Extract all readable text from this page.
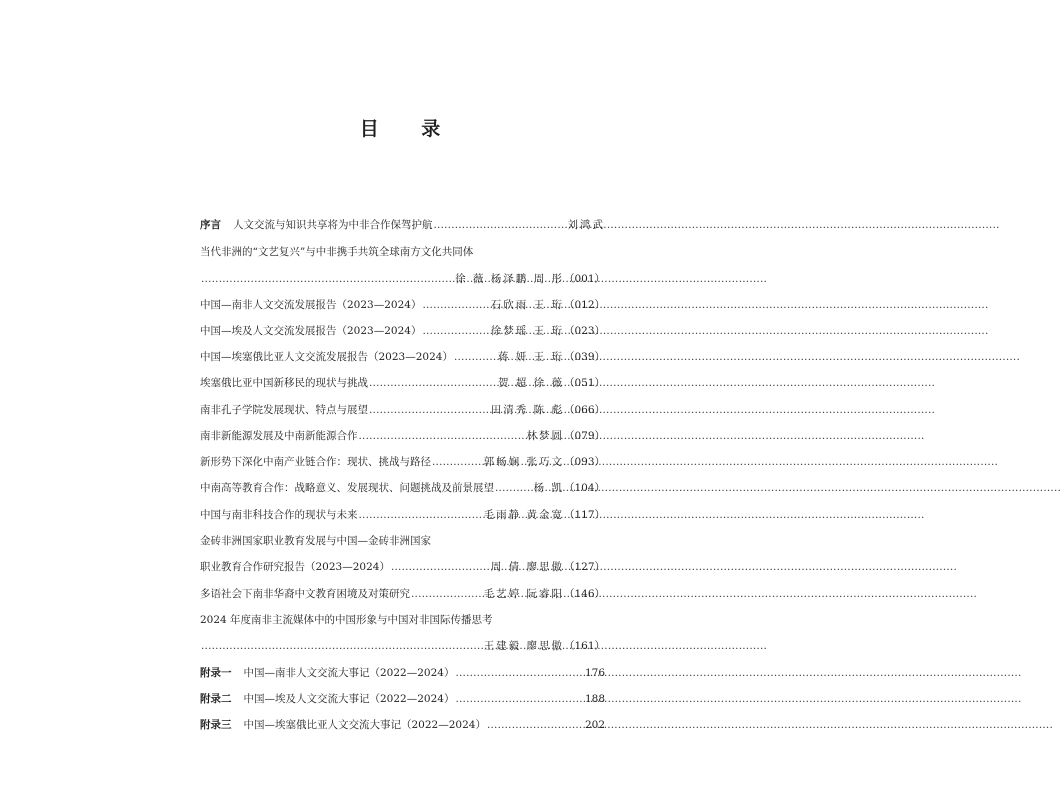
目 录
序言 人文交流与知识共享将为中非合作保驾护航 .....	刘鸿武
当代非洲的“文艺复兴”与中非携手共筑全球南方文化共同体
.....
徐 薇 杨泽鹏 周 彤 （001）
中国—南非人文交流发展报告（2023—2024） .....	石欣雨 王 珩 （012）
中国—埃及人文交流发展报告（2023—2024） .....	徐梦瑶 王 珩 （023）
中国—埃塞俄比亚人文交流发展报告（2023—2024） .....	蒋 妍 王 珩 （039）
埃塞俄比亚中国新移民的现状与挑战 .....	贺 超 徐 薇 （051）
南非孔子学院发展现状、特点与展望 .....	田清秀 陈 彪 （066）
南非新能源发展及中南新能源合作 .....	林梦圆 （079）
新形势下深化中南产业链合作：现状、挑战与路径 .....	郭畅娴 张巧文 （093）
中南高等教育合作：战略意义、发展现状、问题挑战及前景展望 .....	杨 凯 （104）
中国与南非科技合作的现状与未来 .....	毛雨静 黄金宽 （117）
金砖非洲国家职业教育发展与中国—金砖非洲国家
职业教育合作研究报告（2023—2024） .....	周 倩 廖思傲 （127）
多语社会下南非华裔中文教育困境及对策研究 .....	毛艺婷 阮睿阳 （146）
2024 年度南非主流媒体中的中国形象与中国对非国际传播思考
.....
王建毅 廖思傲 （161）
附录一 中国—南非人文交流大事记（2022—2024） .....	176
附录二 中国—埃及人文交流大事记（2022—2024） .....	188
附录三 中国—埃塞俄比亚人文交流大事记（2022—2024） .....	202
